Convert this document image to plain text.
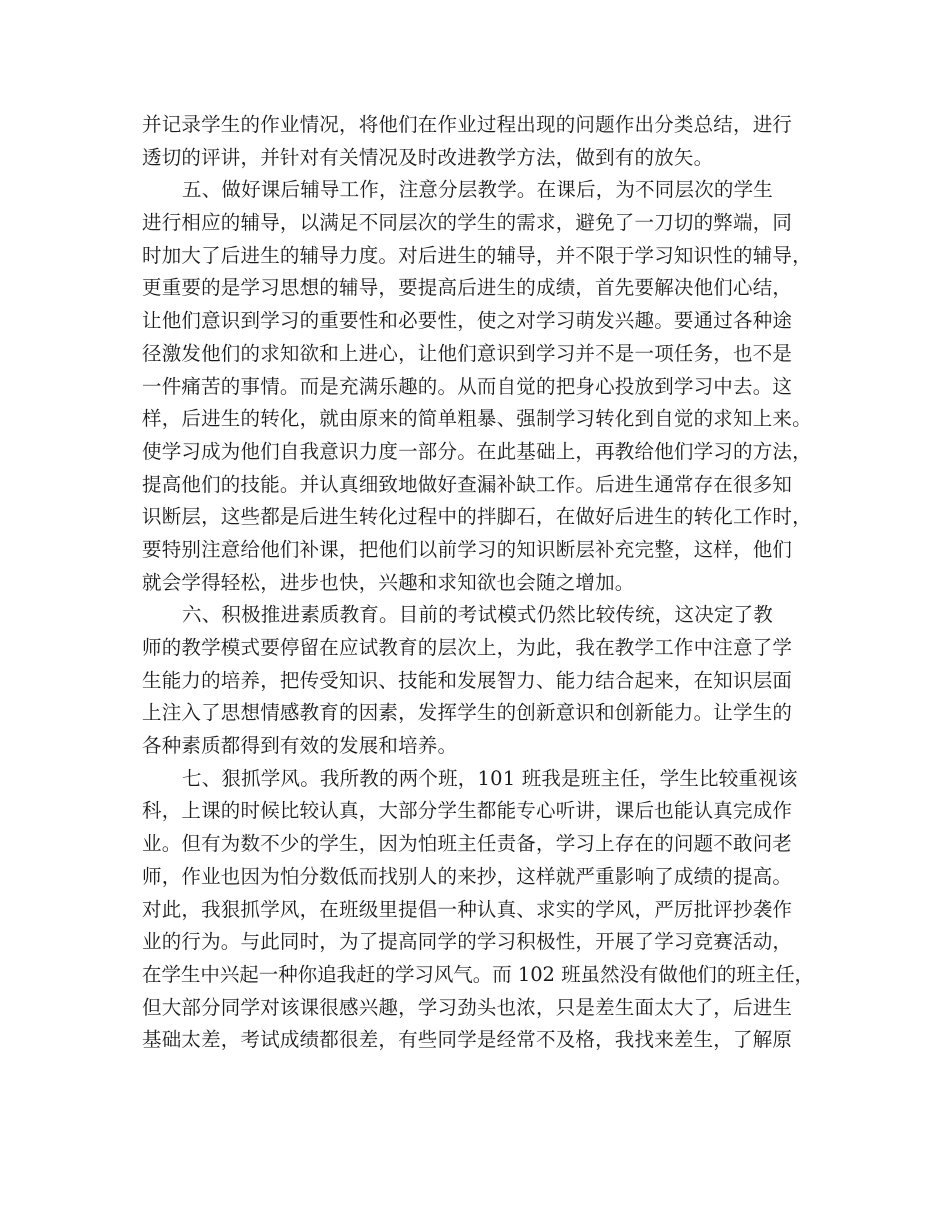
并记录学生的作业情况，将他们在作业过程出现的问题作出分类总结，进行
透切的评讲，并针对有关情况及时改进教学方法，做到有的放矢。
五、做好课后辅导工作，注意分层教学。在课后，为不同层次的学生
进行相应的辅导，以满足不同层次的学生的需求，避免了一刀切的弊端，同
时加大了后进生的辅导力度。对后进生的辅导，并不限于学习知识性的辅导，
更重要的是学习思想的辅导，要提高后进生的成绩，首先要解决他们心结，
让他们意识到学习的重要性和必要性，使之对学习萌发兴趣。要通过各种途
径激发他们的求知欲和上进心，让他们意识到学习并不是一项任务，也不是
一件痛苦的事情。而是充满乐趣的。从而自觉的把身心投放到学习中去。这
样，后进生的转化，就由原来的简单粗暴、强制学习转化到自觉的求知上来。
使学习成为他们自我意识力度一部分。在此基础上，再教给他们学习的方法，
提高他们的技能。并认真细致地做好查漏补缺工作。后进生通常存在很多知
识断层，这些都是后进生转化过程中的拌脚石，在做好后进生的转化工作时，
要特别注意给他们补课，把他们以前学习的知识断层补充完整，这样，他们
就会学得轻松，进步也快，兴趣和求知欲也会随之增加。
六、积极推进素质教育。目前的考试模式仍然比较传统，这决定了教
师的教学模式要停留在应试教育的层次上，为此，我在教学工作中注意了学
生能力的培养，把传受知识、技能和发展智力、能力结合起来，在知识层面
上注入了思想情感教育的因素，发挥学生的创新意识和创新能力。让学生的
各种素质都得到有效的发展和培养。
七、狠抓学风。我所教的两个班，101 班我是班主任，学生比较重视该
科，上课的时候比较认真，大部分学生都能专心听讲，课后也能认真完成作
业。但有为数不少的学生，因为怕班主任责备，学习上存在的问题不敢问老
师，作业也因为怕分数低而找别人的来抄，这样就严重影响了成绩的提高。
对此，我狠抓学风，在班级里提倡一种认真、求实的学风，严厉批评抄袭作
业的行为。与此同时，为了提高同学的学习积极性，开展了学习竞赛活动，
在学生中兴起一种你追我赶的学习风气。而 102 班虽然没有做他们的班主任，
但大部分同学对该课很感兴趣，学习劲头也浓，只是差生面太大了，后进生
基础太差，考试成绩都很差，有些同学是经常不及格，我找来差生，了解原
